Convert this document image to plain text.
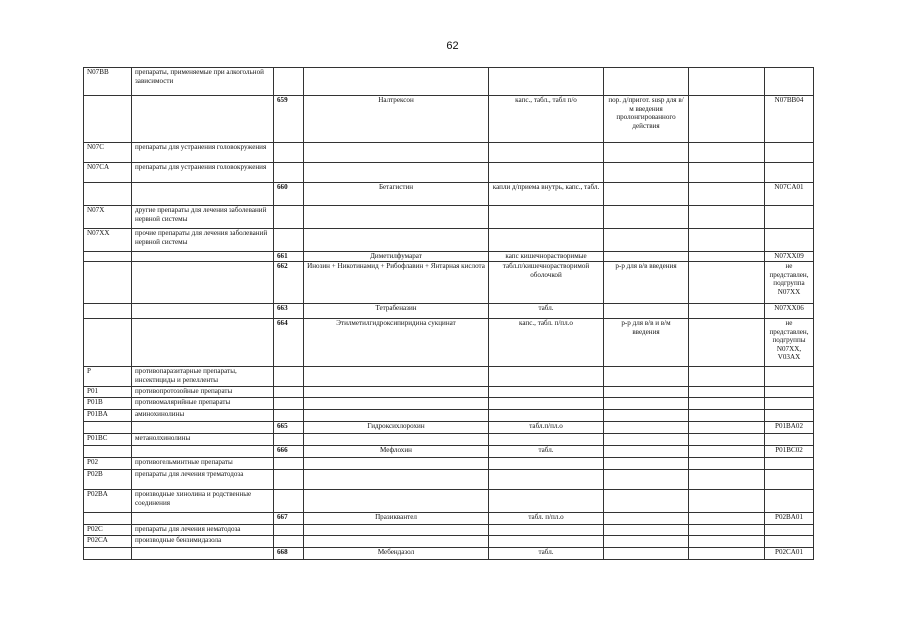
62
N07BB	препараты, применяемые при алкогольной зависимости						
		659	Налтрексон	капс., табл., табл п/о	пор. д/пригот. susp для в/м введения пролонгированного действия		N07BB04
N07C	препараты для устранения головокружения						
N07CA	препараты для устранения головокружения						
		660	Бетагистин	капли д/приема внутрь, капс., табл.			N07CA01
N07X	другие препараты для лечения заболеваний нервной системы						
N07XX	прочие препараты для лечения заболеваний нервной системы						
		661	Диметилфумарат	капс кишечнорастворимые			N07XX09
		662	Инозин + Никотинамид + Рибофлавин + Янтарная кислота	табл.п/кишечнорастворимой оболочкой	р-р для в/в введения		не представлен, подгруппа N07XX
		663	Тетрабеназин	табл.			N07XX06
		664	Этилметилгидроксипиридина сукцинат	капс., табл. п/пл.о	р-р для в/в и в/м введения		не представлен, подгруппы N07XX, V03AX
P	противопаразитарные препараты, инсектициды и репелленты						
P01	противопротозойные препараты						
P01B	противомалярийные препараты						
P01BA	аминохинолины						
		665	Гидроксихлорохин	табл.п/пл.о			P01BA02
P01BC	метанолхинолины						
		666	Мефлохин	табл.			P01BC02
P02	противогельминтные препараты						
P02B	препараты для лечения трематодоза						
P02BA	производные хинолина и родственные соединения						
		667	Празиквантел	табл. п/пл.о			P02BA01
P02C	препараты для лечения нематодоза						
P02CA	производные бензимидазола						
		668	Мебендазол	табл.			P02CA01
